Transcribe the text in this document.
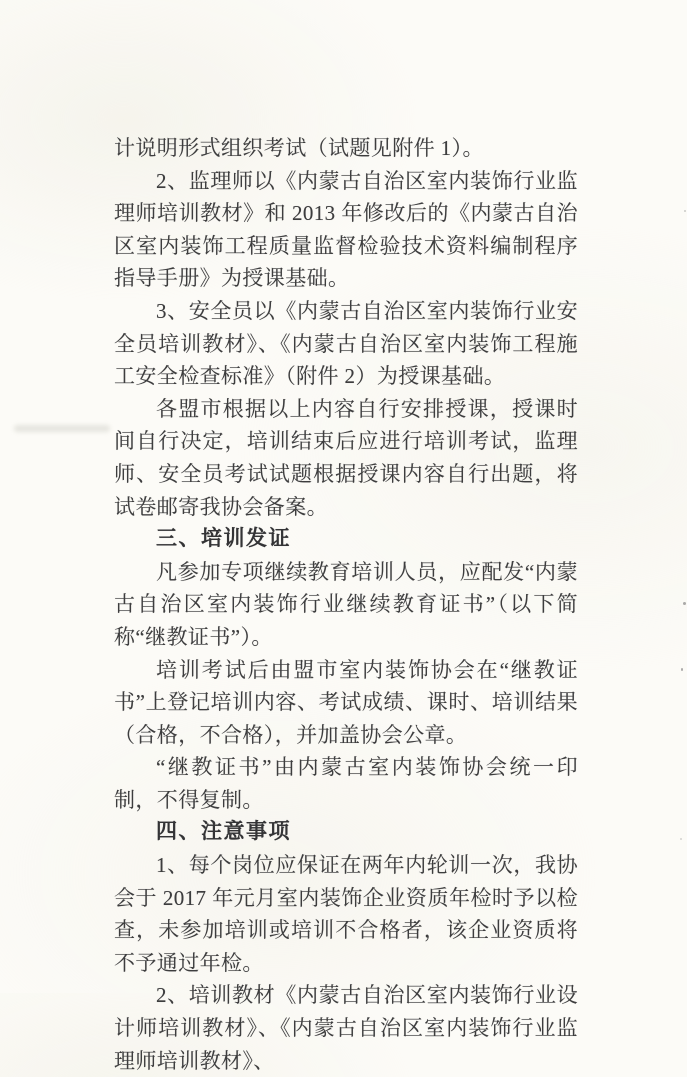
计说明形式组织考试（试题见附件 1）。

2、监理师以《内蒙古自治区室内装饰行业监理师培训教材》和 2013 年修改后的《内蒙古自治区室内装饰工程质量监督检验技术资料编制程序指导手册》为授课基础。

3、安全员以《内蒙古自治区室内装饰行业安全员培训教材》、《内蒙古自治区室内装饰工程施工安全检查标准》（附件 2）为授课基础。

各盟市根据以上内容自行安排授课，授课时间自行决定，培训结束后应进行培训考试，监理师、安全员考试试题根据授课内容自行出题，将试卷邮寄我协会备案。

三、培训发证

凡参加专项继续教育培训人员，应配发“内蒙古自治区室内装饰行业继续教育证书”（以下简称“继教证书”）。

培训考试后由盟市室内装饰协会在“继教证书”上登记培训内容、考试成绩、课时、培训结果（合格，不合格），并加盖协会公章。

“继教证书”由内蒙古室内装饰协会统一印制，不得复制。

四、注意事项

1、每个岗位应保证在两年内轮训一次，我协会于 2017 年元月室内装饰企业资质年检时予以检查，未参加培训或培训不合格者，该企业资质将不予通过年检。

2、培训教材《内蒙古自治区室内装饰行业设计师培训教材》、《内蒙古自治区室内装饰行业监理师培训教材》、
